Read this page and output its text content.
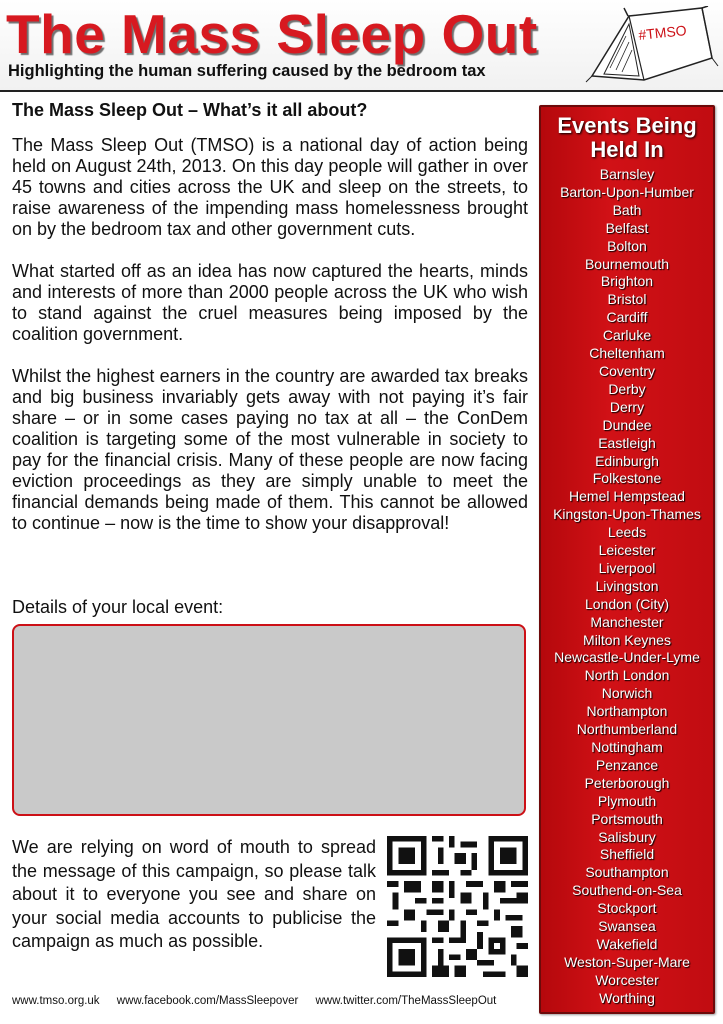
The Mass Sleep Out
Highlighting the human suffering caused by the bedroom tax
#TMSO
The Mass Sleep Out – What’s it all about?

The Mass Sleep Out (TMSO) is a national day of action being held on August 24th, 2013. On this day people will gather in over 45 towns and cities across the UK and sleep on the streets, to raise awareness of the impending mass homelessness brought on by the bedroom tax and other government cuts.

What started off as an idea has now captured the hearts, minds and interests of more than 2000 people across the UK who wish to stand against the cruel measures being imposed by the coalition government.

Whilst the highest earners in the country are awarded tax breaks and big business invariably gets away with not paying it’s fair share – or in some cases paying no tax at all – the ConDem coalition is targeting some of the most vulnerable in society to pay for the financial crisis. Many of these people are now facing eviction proceedings as they are simply unable to meet the financial demands being made of them. This cannot be allowed to continue – now is the time to show your disapproval!

Details of your local event:
We are relying on word of mouth to spread the message of this campaign, so please talk about it to everyone you see and share on your social media accounts to publicise the campaign as much as possible.
www.tmso.org.uk www.facebook.com/MassSleepover www.twitter.com/TheMassSleepOut
Events Being
Held In
Barnsley
Barton-Upon-Humber
Bath
Belfast
Bolton
Bournemouth
Brighton
Bristol
Cardiff
Carluke
Cheltenham
Coventry
Derby
Derry
Dundee
Eastleigh
Edinburgh
Folkestone
Hemel Hempstead
Kingston-Upon-Thames
Leeds
Leicester
Liverpool
Livingston
London (City)
Manchester
Milton Keynes
Newcastle-Under-Lyme
North London
Norwich
Northampton
Northumberland
Nottingham
Penzance
Peterborough
Plymouth
Portsmouth
Salisbury
Sheffield
Southampton
Southend-on-Sea
Stockport
Swansea
Wakefield
Weston-Super-Mare
Worcester
Worthing
